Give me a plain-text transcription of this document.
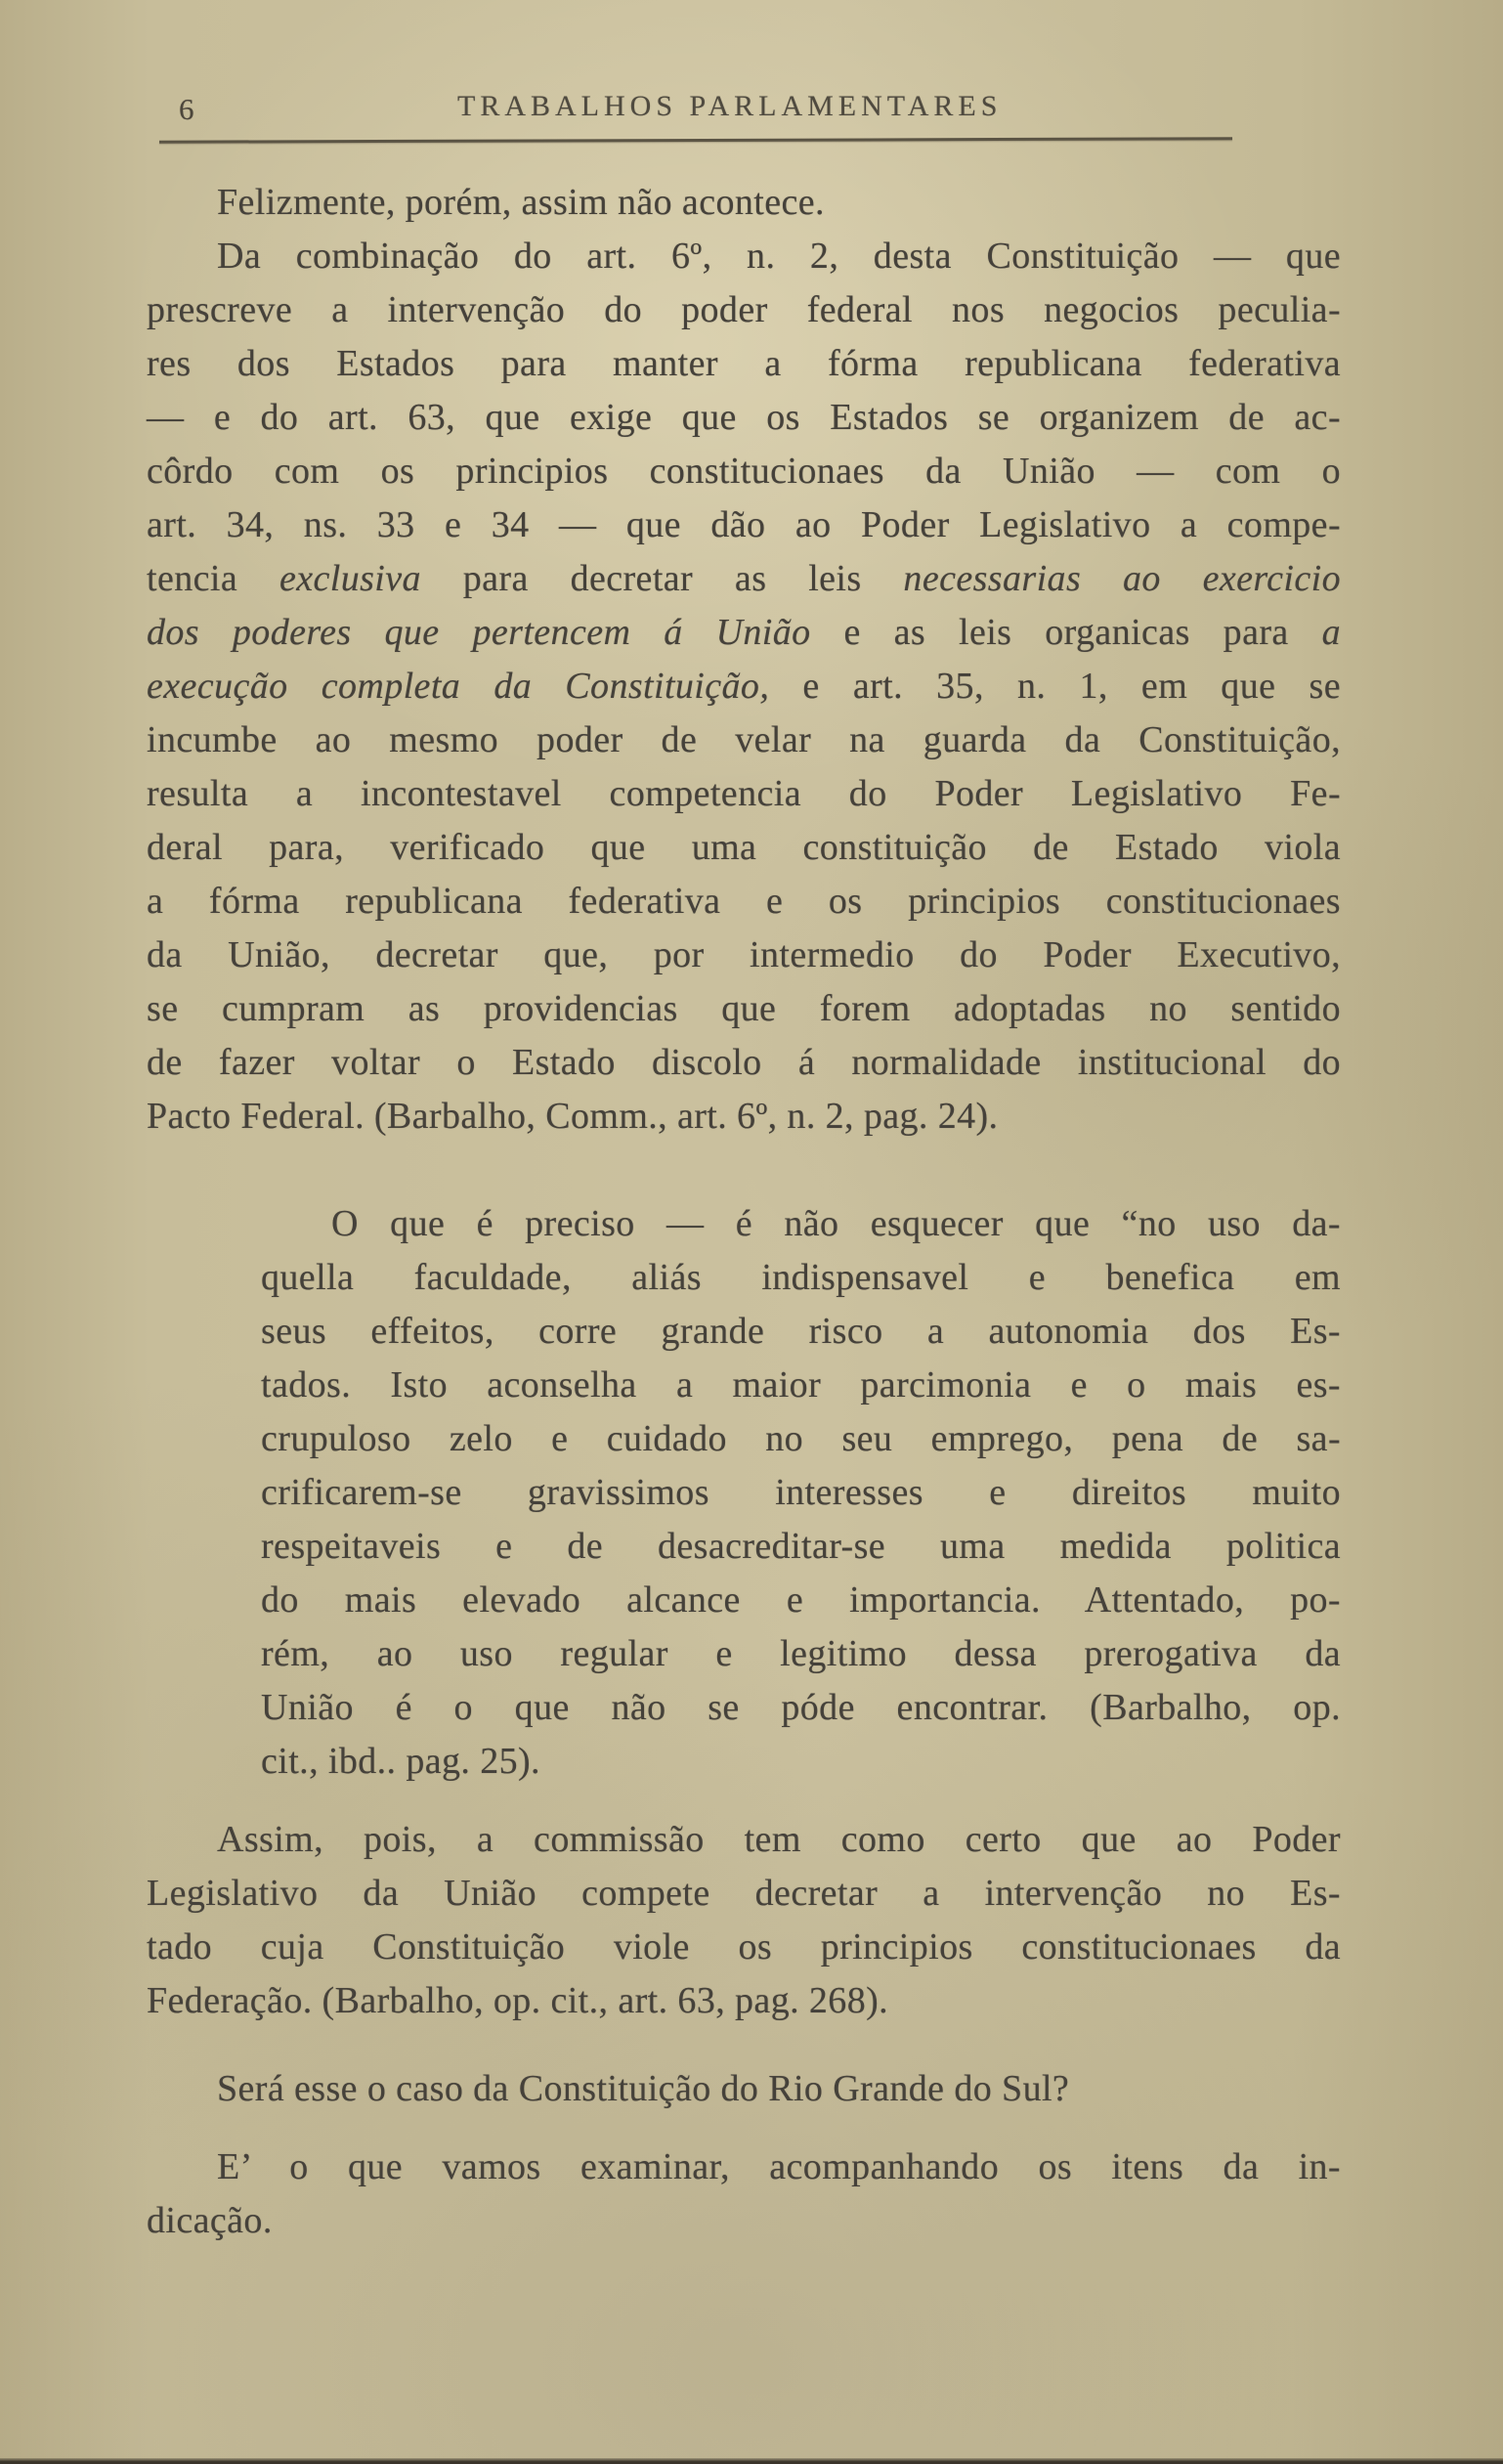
6	TRABALHOS PARLAMENTARES
Felizmente, porém, assim não acontece.
Da combinação do art. 6º, n. 2, desta Constituição — que
prescreve a intervenção do poder federal nos negocios peculia-
res dos Estados para manter a fórma republicana federativa
— e do art. 63, que exige que os Estados se organizem de ac-
côrdo com os principios constitucionaes da União — com o
art. 34, ns. 33 e 34 — que dão ao Poder Legislativo a compe-
tencia exclusiva para decretar as leis necessarias ao exercicio
dos poderes que pertencem á União e as leis organicas para a
execução completa da Constituição, e art. 35, n. 1, em que se
incumbe ao mesmo poder de velar na guarda da Constituição,
resulta a incontestavel competencia do Poder Legislativo Fe-
deral para, verificado que uma constituição de Estado viola
a fórma republicana federativa e os principios constitucionaes
da União, decretar que, por intermedio do Poder Executivo,
se cumpram as providencias que forem adoptadas no sentido
de fazer voltar o Estado discolo á normalidade institucional do
Pacto Federal. (Barbalho, Comm., art. 6º, n. 2, pag. 24).
O que é preciso — é não esquecer que “no uso da-
quella faculdade, aliás indispensavel e benefica em
seus effeitos, corre grande risco a autonomia dos Es-
tados. Isto aconselha a maior parcimonia e o mais es-
crupuloso zelo e cuidado no seu emprego, pena de sa-
crificarem-se gravissimos interesses e direitos muito
respeitaveis e de desacreditar-se uma medida politica
do mais elevado alcance e importancia. Attentado, po-
rém, ao uso regular e legitimo dessa prerogativa da
União é o que não se póde encontrar. (Barbalho, op.
cit., ibd.. pag. 25).
Assim, pois, a commissão tem como certo que ao Poder
Legislativo da União compete decretar a intervenção no Es-
tado cuja Constituição viole os principios constitucionaes da
Federação. (Barbalho, op. cit., art. 63, pag. 268).
Será esse o caso da Constituição do Rio Grande do Sul?
E’ o que vamos examinar, acompanhando os itens da in-
dicação.
